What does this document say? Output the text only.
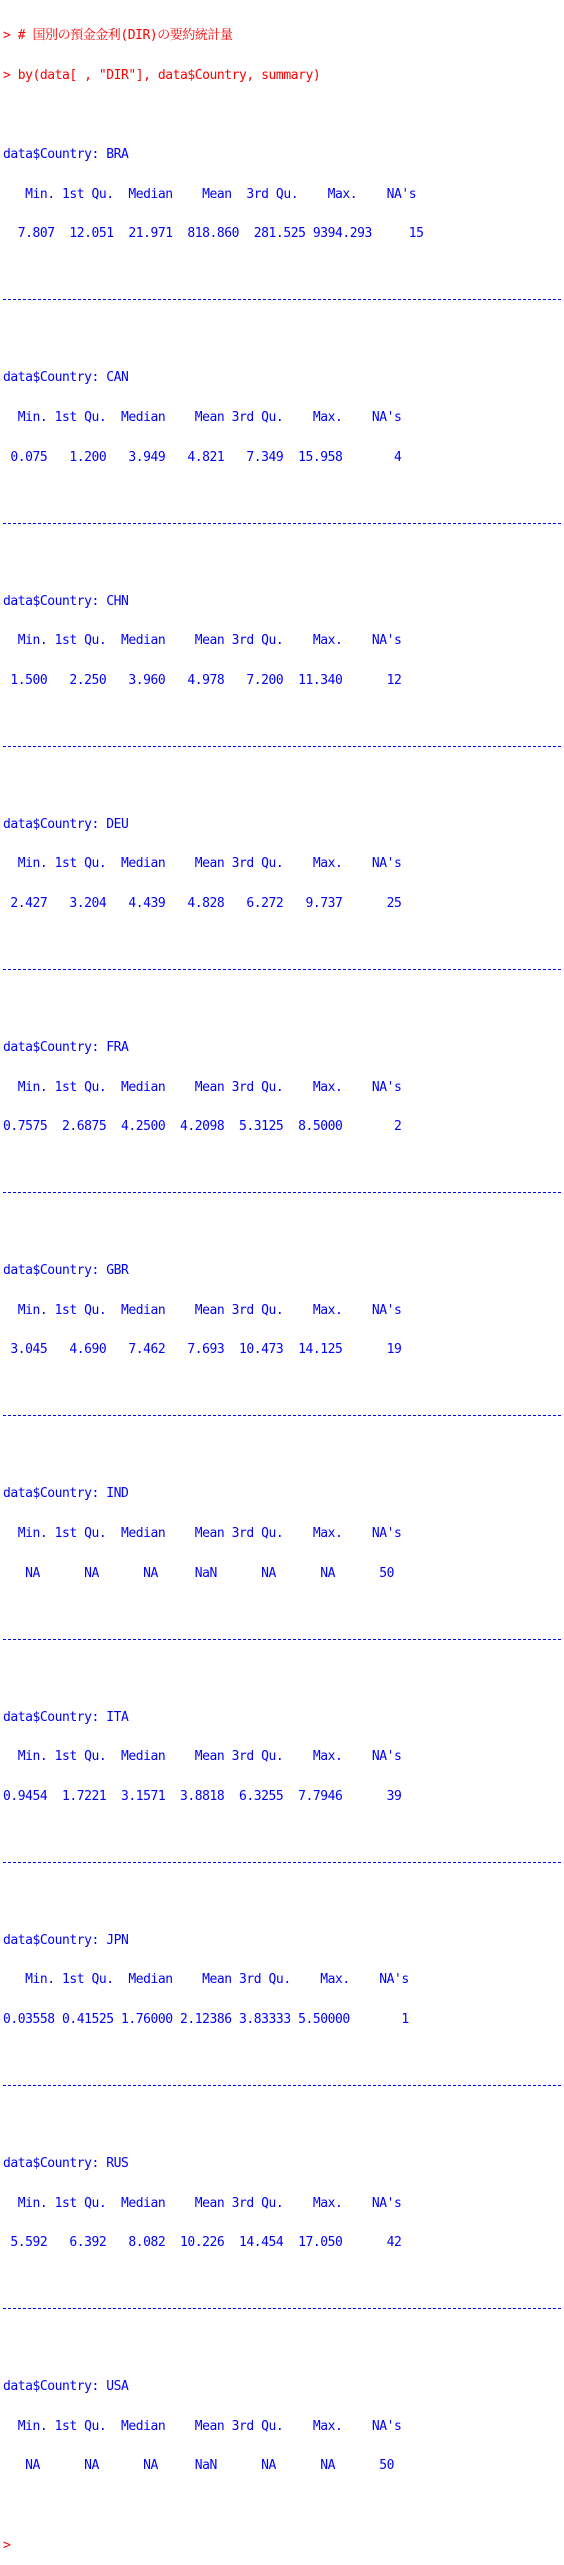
> # 国別の預金金利(DIR)の要約統計量

> by(data[ , "DIR"], data$Country, summary)

data$Country: BRA

Min. 1st Qu.  Median    Mean  3rd Qu.    Max.    NA's

7.807  12.051  21.971  818.860  281.525 9394.293     15

data$Country: CAN

Min. 1st Qu.  Median    Mean 3rd Qu.    Max.    NA's

0.075   1.200   3.949   4.821   7.349  15.958       4

data$Country: CHN

Min. 1st Qu.  Median    Mean 3rd Qu.    Max.    NA's

1.500   2.250   3.960   4.978   7.200  11.340      12

data$Country: DEU

Min. 1st Qu.  Median    Mean 3rd Qu.    Max.    NA's

2.427   3.204   4.439   4.828   6.272   9.737      25

data$Country: FRA

Min. 1st Qu.  Median    Mean 3rd Qu.    Max.    NA's

0.7575  2.6875  4.2500  4.2098  5.3125  8.5000       2

data$Country: GBR

Min. 1st Qu.  Median    Mean 3rd Qu.    Max.    NA's

3.045   4.690   7.462   7.693  10.473  14.125      19

data$Country: IND

Min. 1st Qu.  Median    Mean 3rd Qu.    Max.    NA's

NA      NA      NA     NaN      NA      NA      50

data$Country: ITA

Min. 1st Qu.  Median    Mean 3rd Qu.    Max.    NA's

0.9454  1.7221  3.1571  3.8818  6.3255  7.7946      39

data$Country: JPN

Min. 1st Qu.  Median    Mean 3rd Qu.    Max.    NA's

0.03558 0.41525 1.76000 2.12386 3.83333 5.50000       1

data$Country: RUS

Min. 1st Qu.  Median    Mean 3rd Qu.    Max.    NA's

5.592   6.392   8.082  10.226  14.454  17.050      42

data$Country: USA

Min. 1st Qu.  Median    Mean 3rd Qu.    Max.    NA's

NA      NA      NA     NaN      NA      NA      50

>
